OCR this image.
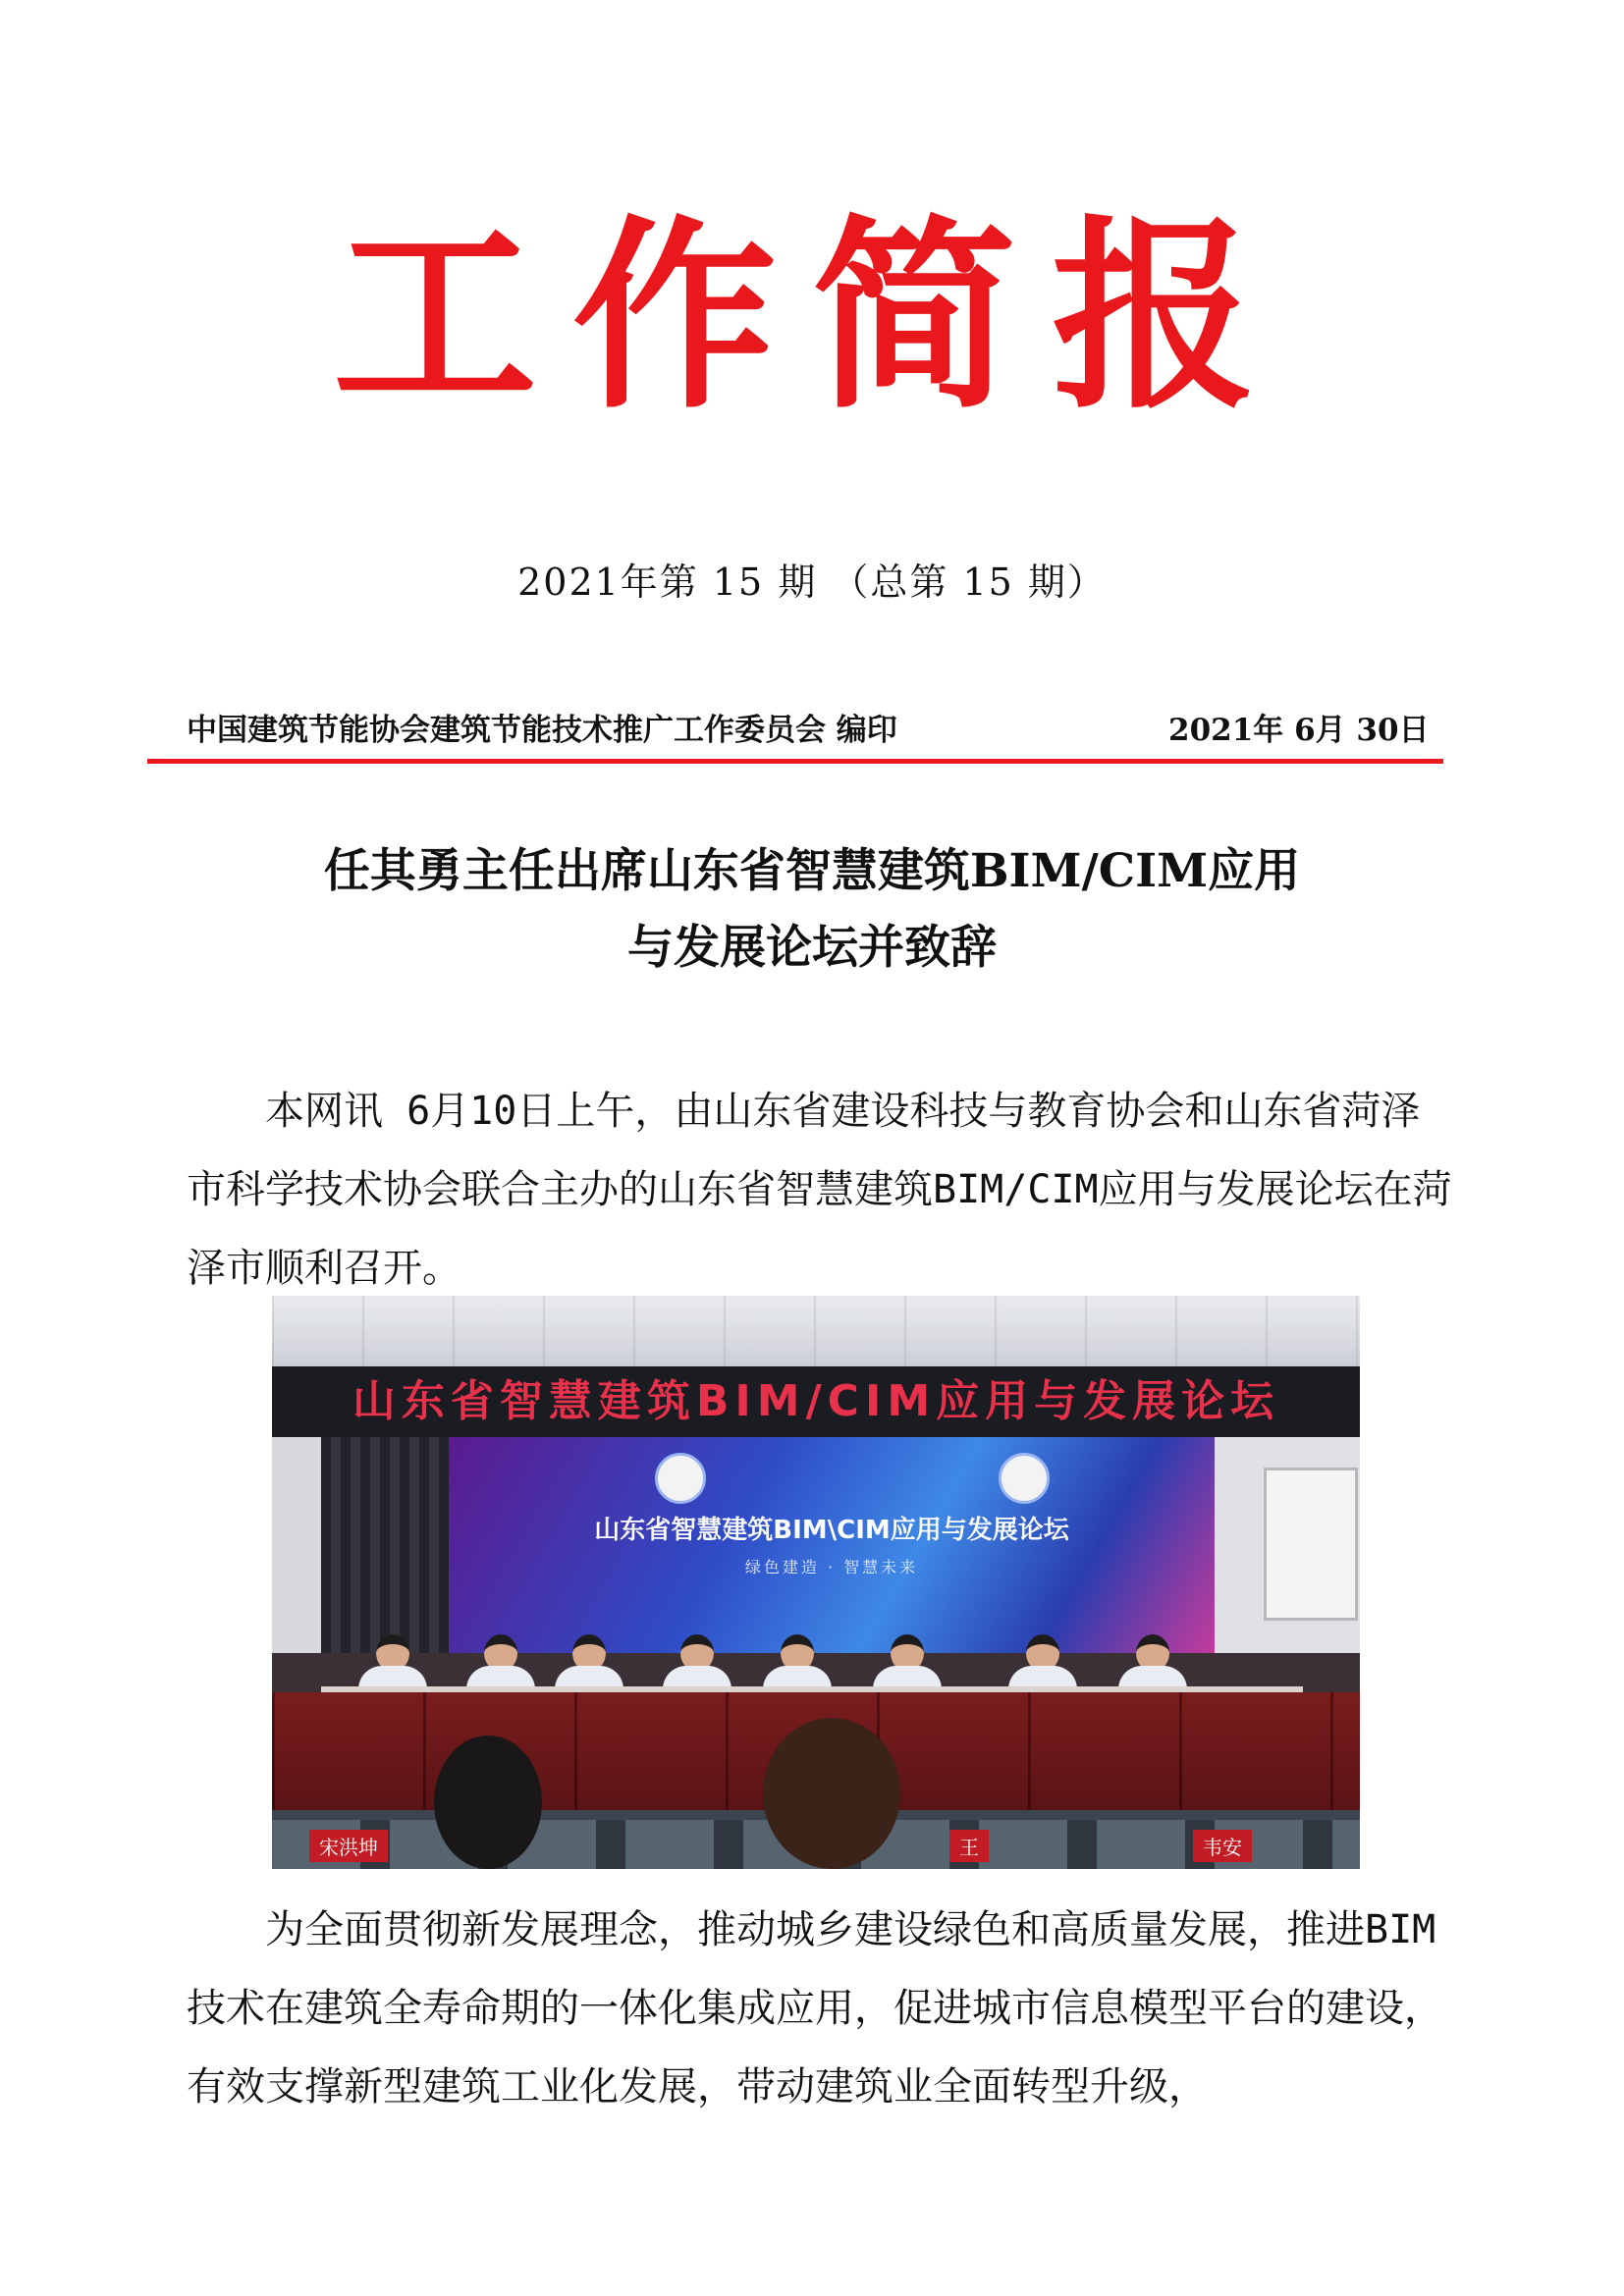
工作简报
2021年第 15 期 （总第 15 期）
中国建筑节能协会建筑节能技术推广工作委员会 编印	2021年 6月 30日
任其勇主任出席山东省智慧建筑BIM/CIM应用
与发展论坛并致辞

本网讯 6月10日上午，由山东省建设科技与教育协会和山东省菏泽市科学技术协会联合主办的山东省智慧建筑BIM/CIM应用与发展论坛在菏泽市顺利召开。

山东省智慧建筑BIM/CIM应用与发展论坛
山东省智慧建筑BIM\CIM应用与发展论坛
绿色建造 · 智慧未来
宋洪坤	王	韦安

为全面贯彻新发展理念，推动城乡建设绿色和高质量发展，推进BIM技术在建筑全寿命期的一体化集成应用，促进城市信息模型平台的建设，有效支撑新型建筑工业化发展，带动建筑业全面转型升级，
